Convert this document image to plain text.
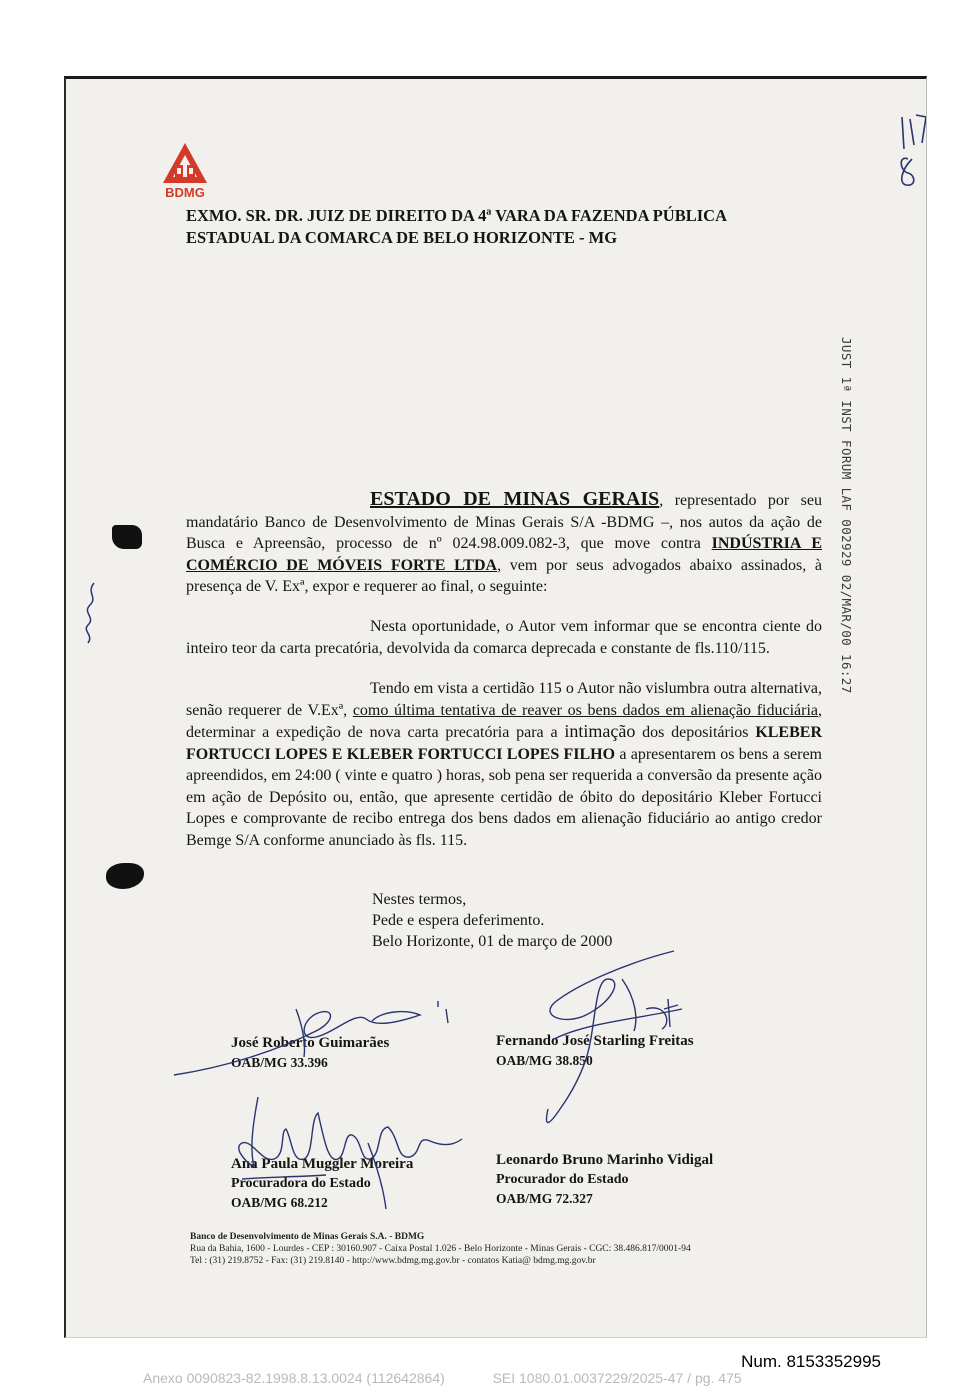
BDMG
EXMO. SR. DR. JUIZ DE DIREITO DA 4ª VARA DA FAZENDA PÚBLICA
ESTADUAL DA COMARCA DE BELO HORIZONTE - MG
JUST 1ª INST FORUM LAF 002929 02/MAR/00 16:27
ESTADO DE MINAS GERAIS, representado por seu mandatário Banco de Desenvolvimento de Minas Gerais S/A -BDMG –, nos autos da ação de Busca e Apreensão, processo de nº 024.98.009.082-3, que move contra INDÚSTRIA E COMÉRCIO DE MÓVEIS FORTE LTDA, vem por seus advogados abaixo assinados, à presença de V. Exª, expor e requerer ao final, o seguinte:
Nesta oportunidade, o Autor vem informar que se encontra ciente do inteiro teor da carta precatória, devolvida da comarca deprecada e constante de fls.110/115.
Tendo em vista a certidão 115 o Autor não vislumbra outra alternativa, senão requerer de V.Exª, como última tentativa de reaver os bens dados em alienação fiduciária, determinar a expedição de nova carta precatória para a intimação dos depositários KLEBER FORTUCCI LOPES E KLEBER FORTUCCI LOPES FILHO a apresentarem os bens a serem apreendidos, em 24:00 ( vinte e quatro ) horas, sob pena ser requerida a conversão da presente ação em ação de Depósito ou, então, que apresente certidão de óbito do depositário Kleber Fortucci Lopes e comprovante de recibo entrega dos bens dados em alienação fiduciário ao antigo credor Bemge S/A conforme anunciado às fls. 115.
Nestes termos,
Pede e espera deferimento.
Belo Horizonte, 01 de março de 2000
José Roberto Guimarães
OAB/MG 33.396
Fernando José Starling Freitas
OAB/MG 38.850
Ana Paula Muggler Moreira
Procuradora do Estado
OAB/MG 68.212
Leonardo Bruno Marinho Vidigal
Procurador do Estado
OAB/MG 72.327
Banco de Desenvolvimento de Minas Gerais S.A. - BDMG
Rua da Bahia, 1600 - Lourdes - CEP : 30160.907 - Caixa Postal 1.026 - Belo Horizonte - Minas Gerais - CGC: 38.486.817/0001-94
Tel : (31) 219.8752 - Fax: (31) 219.8140 - http://www.bdmg.mg.gov.br - contatos Katia@ bdmg.mg.gov.br
Num. 8153352995
Anexo 0090823-82.1998.8.13.0024 (112642864)	SEI 1080.01.0037229/2025-47 / pg. 475
